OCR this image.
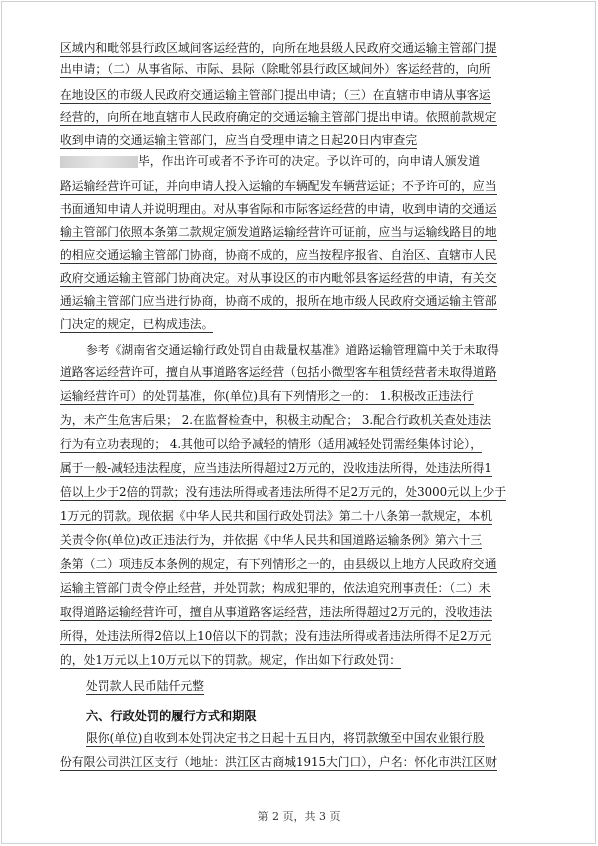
区域内和毗邻县行政区域间客运经营的，向所在地县级人民政府交通运输主管部门提
出申请；（二）从事省际、市际、县际（除毗邻县行政区域间外）客运经营的，向所
在地设区的市级人民政府交通运输主管部门提出申请；（三）在直辖市申请从事客运
经营的，向所在地直辖市人民政府确定的交通运输主管部门提出申请。依照前款规定
收到申请的交通运输主管部门，应当自受理申请之日起20日内审查完
毕，作出许可或者不予许可的决定。予以许可的，向申请人颁发道
路运输经营许可证，并向申请人投入运输的车辆配发车辆营运证；不予许可的，应当
书面通知申请人并说明理由。对从事省际和市际客运经营的申请，收到申请的交通运
输主管部门依照本条第二款规定颁发道路运输经营许可证前，应当与运输线路目的地
的相应交通运输主管部门协商，协商不成的，应当按程序报省、自治区、直辖市人民
政府交通运输主管部门协商决定。对从事设区的市内毗邻县客运经营的申请，有关交
通运输主管部门应当进行协商，协商不成的，报所在地市级人民政府交通运输主管部
门决定的规定，已构成违法。
参考《湖南省交通运输行政处罚自由裁量权基准》道路运输管理篇中关于未取得
道路客运经营许可，擅自从事道路客运经营（包括小微型客车租赁经营者未取得道路
运输经营许可）的处罚基准，你(单位)具有下列情形之一的： 1.积极改正违法行
为，未产生危害后果； 2.在监督检查中，积极主动配合； 3.配合行政机关查处违法
行为有立功表现的； 4.其他可以给予减轻的情形（适用减轻处罚需经集体讨论），
属于一般-减轻违法程度，应当违法所得超过2万元的，没收违法所得，处违法所得1
倍以上少于2倍的罚款；没有违法所得或者违法所得不足2万元的，处3000元以上少于
1万元的罚款。现依据《中华人民共和国行政处罚法》第二十八条第一款规定，本机
关责令你(单位)改正违法行为，并依据《中华人民共和国道路运输条例》第六十三
条第（二）项违反本条例的规定，有下列情形之一的，由县级以上地方人民政府交通
运输主管部门责令停止经营，并处罚款；构成犯罪的，依法追究刑事责任：（二）未
取得道路运输经营许可，擅自从事道路客运经营，违法所得超过2万元的，没收违法
所得，处违法所得2倍以上10倍以下的罚款；没有违法所得或者违法所得不足2万元
的，处1万元以上10万元以下的罚款。规定，作出如下行政处罚：
处罚款人民币陆仟元整
六、行政处罚的履行方式和期限
限你(单位)自收到本处罚决定书之日起十五日内，将罚款缴至中国农业银行股
份有限公司洪江区支行（地址：洪江区古商城1915大门口），户名：怀化市洪江区财
第 2 页，共 3 页
